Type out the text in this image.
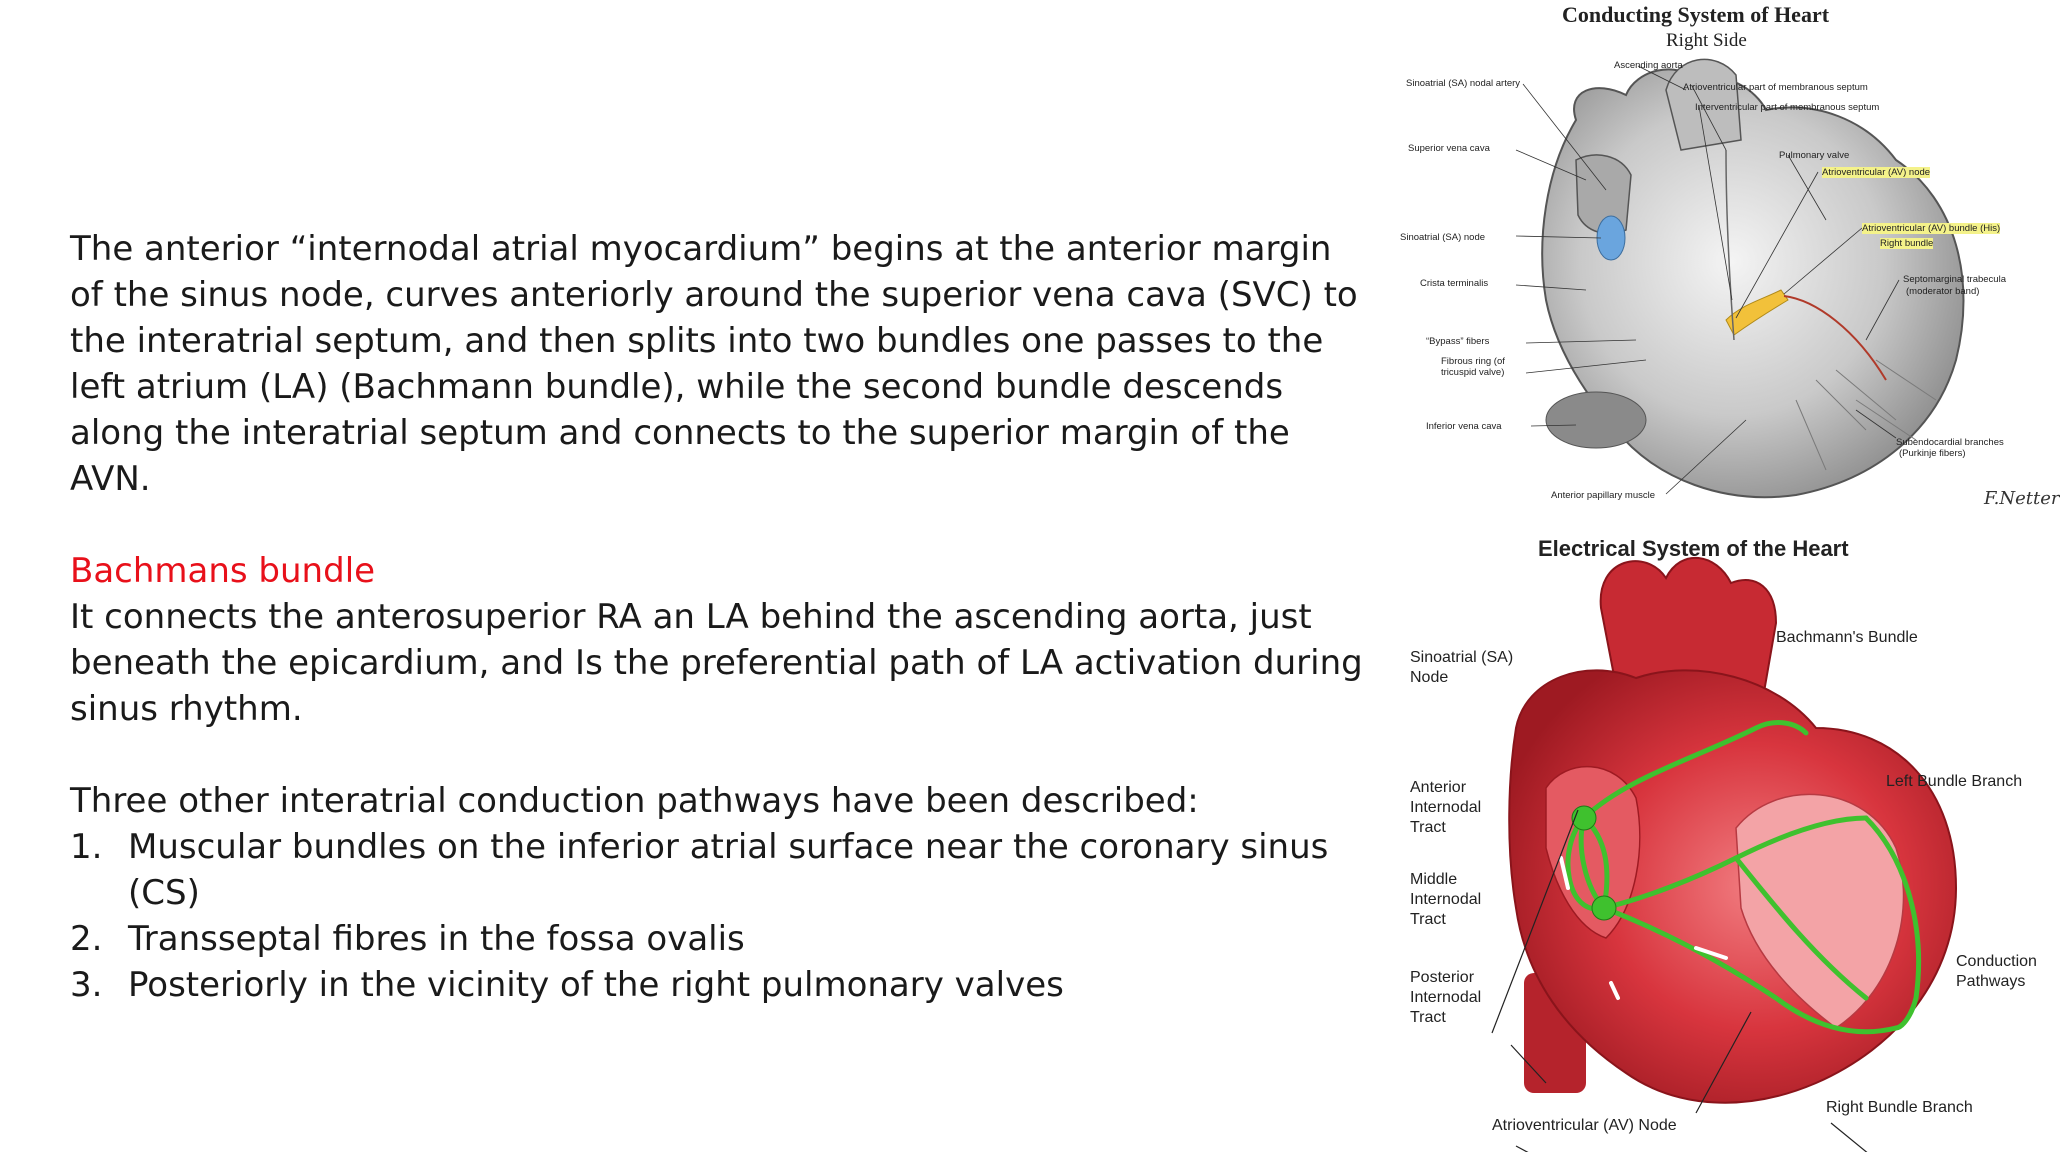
The anterior “internodal atrial myocardium” begins at the anterior margin of the sinus node, curves anteriorly around the superior vena cava (SVC) to the interatrial septum, and then splits into two bundles one passes to the left atrium (LA) (Bachmann bundle), while the second bundle descends along the interatrial septum and connects to the superior margin of the AVN.

Bachmans bundle

It connects the anterosuperior RA an LA behind the ascending aorta, just beneath the epicardium, and Is the preferential path of LA activation during sinus rhythm.

Three other interatrial conduction pathways have been described:

1. Muscular bundles on the inferior atrial surface near the coronary sinus (CS)
2. Transseptal fibres in the fossa ovalis
3. Posteriorly in the vicinity of the right pulmonary valves
Conducting System of Heart
Right Side
Ascending aorta
Sinoatrial (SA) nodal artery	Atrioventricular part of membranous septum
Interventricular part of membranous septum
Superior vena cava
Pulmonary valve
Atrioventricular (AV) node
Sinoatrial (SA) node
Atrioventricular (AV) bundle (His)
Right bundle
Crista terminalis	Septomarginal trabecula
(moderator band)
“Bypass” fibers
Fibrous ring (of
tricuspid valve)
Inferior vena cava
Subendocardial branches
(Purkinje fibers)
Anterior papillary muscle	F.Netter
Electrical System of the Heart
Sinoatrial (SA)
Node
Bachmann's Bundle
Left Bundle Branch
Anterior
Internodal
Tract
Middle
Internodal
Tract
Conduction
Pathways
Posterior
Internodal
Tract
Right Bundle Branch
Atrioventricular (AV) Node
